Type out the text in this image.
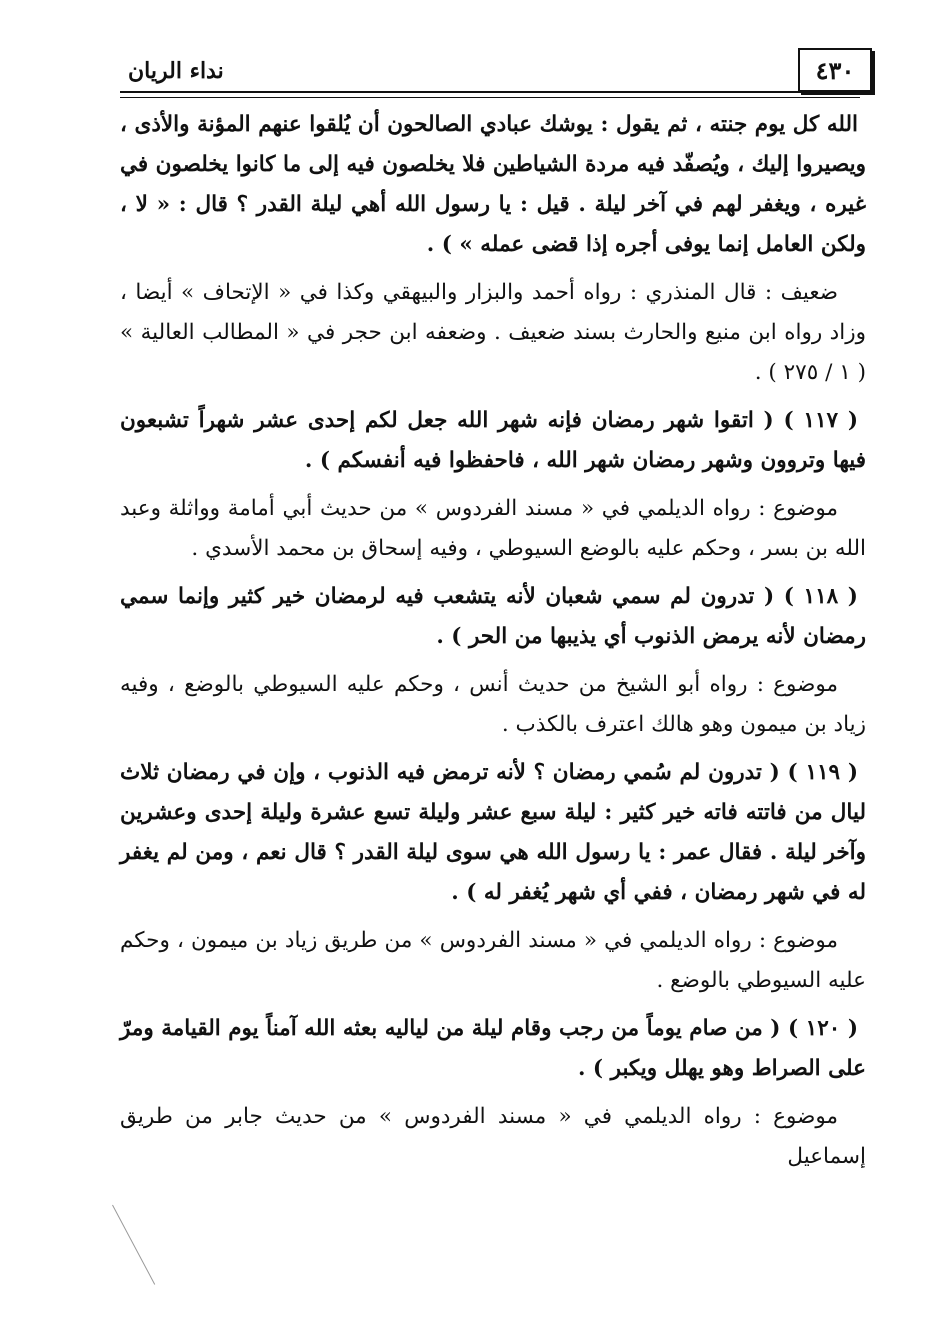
٤٣٠
نداء الريان

الله كل يوم جنته ، ثم يقول : يوشك عبادي الصالحون أن يُلقوا عنهم المؤنة والأذى ، ويصيروا إليك ، ويُصفّد فيه مردة الشياطين فلا يخلصون فيه إلى ما كانوا يخلصون في غيره ، ويغفر لهم في آخر ليلة . قيل : يا رسول الله أهي ليلة القدر ؟ قال : « لا ، ولكن العامل إنما يوفى أجره إذا قضى عمله » ) .

ضعيف : قال المنذري : رواه أحمد والبزار والبيهقي وكذا في « الإتحاف » أيضا ، وزاد رواه ابن منيع والحارث بسند ضعيف . وضعفه ابن حجر في « المطالب العالية » ( ١ / ٢٧٥ ) .

( ١١٧ ) ( اتقوا شهر رمضان فإنه شهر الله جعل لكم إحدى عشر شهراً تشبعون فيها وتروون وشهر رمضان شهر الله ، فاحفظوا فيه أنفسكم ) .

موضوع : رواه الديلمي في « مسند الفردوس » من حديث أبي أمامة وواثلة وعبد الله بن بسر ، وحكم عليه بالوضع السيوطي ، وفيه إسحاق بن محمد الأسدي .

( ١١٨ ) ( تدرون لم سمي شعبان لأنه يتشعب فيه لرمضان خير كثير وإنما سمي رمضان لأنه يرمض الذنوب أي يذيبها من الحر ) .

موضوع : رواه أبو الشيخ من حديث أنس ، وحكم عليه السيوطي بالوضع ، وفيه زياد بن ميمون وهو هالك اعترف بالكذب .

( ١١٩ ) ( تدرون لم سُمي رمضان ؟ لأنه ترمض فيه الذنوب ، وإن في رمضان ثلاث ليال من فاتته فاته خير كثير : ليلة سبع عشر وليلة تسع عشرة وليلة إحدى وعشرين وآخر ليلة . فقال عمر : يا رسول الله هي سوى ليلة القدر ؟ قال نعم ، ومن لم يغفر له في شهر رمضان ، ففي أي شهر يُغفر له ) .

موضوع : رواه الديلمي في « مسند الفردوس » من طريق زياد بن ميمون ، وحكم عليه السيوطي بالوضع .

( ١٢٠ ) ( من صام يوماً من رجب وقام ليلة من لياليه بعثه الله آمناً يوم القيامة ومرّ على الصراط وهو يهلل ويكبر ) .

موضوع : رواه الديلمي في « مسند الفردوس » من حديث جابر من طريق إسماعيل
